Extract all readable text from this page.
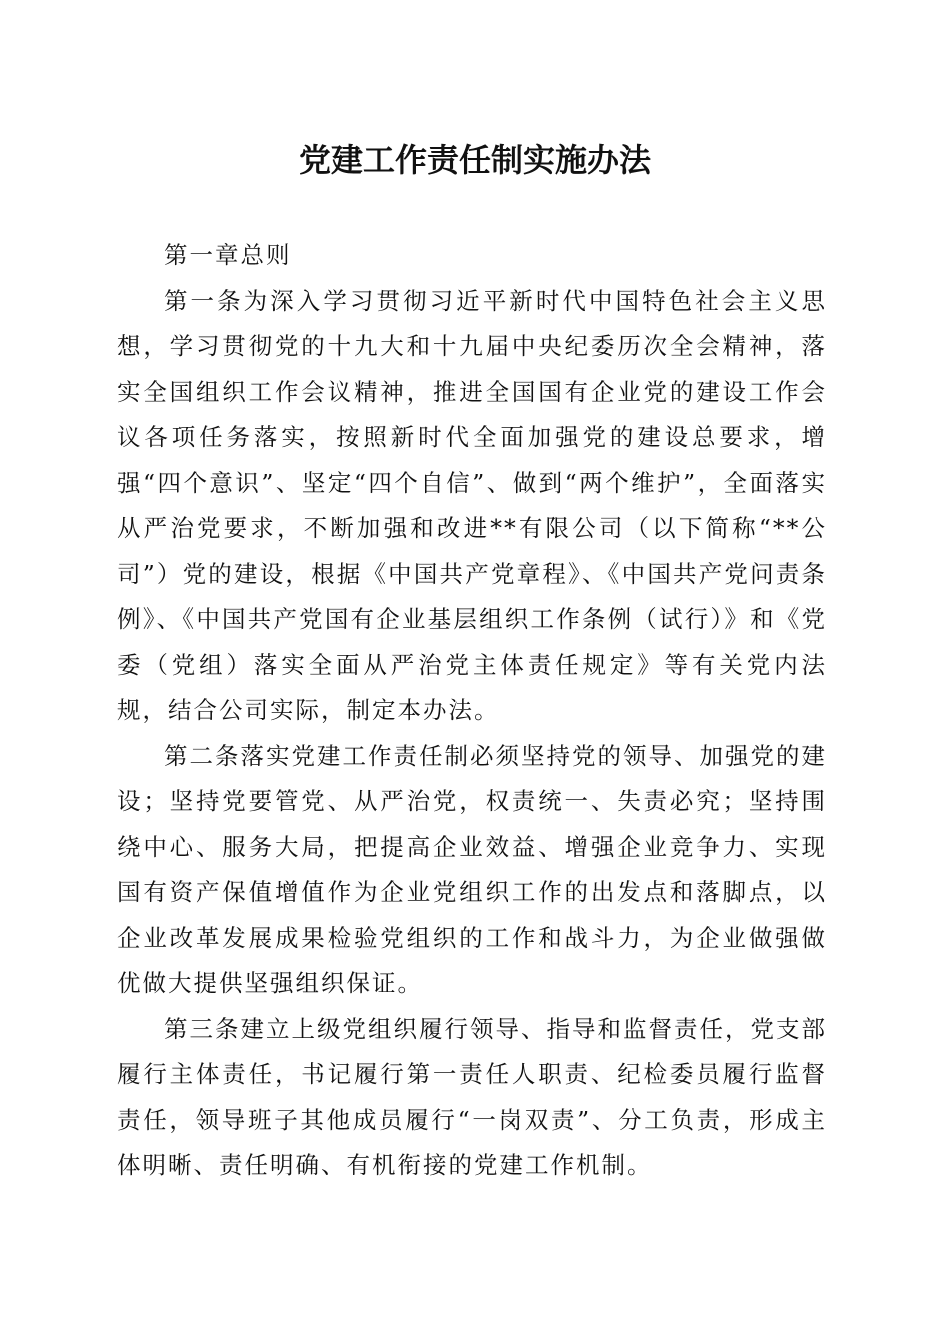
党建工作责任制实施办法

第一章总则

第一条为深入学习贯彻习近平新时代中国特色社会主义思想，学习贯彻党的十九大和十九届中央纪委历次全会精神，落实全国组织工作会议精神，推进全国国有企业党的建设工作会议各项任务落实，按照新时代全面加强党的建设总要求，增强“四个意识”、坚定“四个自信”、做到“两个维护”，全面落实从严治党要求，不断加强和改进**有限公司（以下简称“**公司”）党的建设，根据《中国共产党章程》、《中国共产党问责条例》、《中国共产党国有企业基层组织工作条例（试行）》和《党委（党组）落实全面从严治党主体责任规定》等有关党内法规，结合公司实际，制定本办法。

第二条落实党建工作责任制必须坚持党的领导、加强党的建设；坚持党要管党、从严治党，权责统一、失责必究；坚持围绕中心、服务大局，把提高企业效益、增强企业竞争力、实现国有资产保值增值作为企业党组织工作的出发点和落脚点，以企业改革发展成果检验党组织的工作和战斗力，为企业做强做优做大提供坚强组织保证。

第三条建立上级党组织履行领导、指导和监督责任，党支部履行主体责任，书记履行第一责任人职责、纪检委员履行监督责任，领导班子其他成员履行“一岗双责”、分工负责，形成主体明晰、责任明确、有机衔接的党建工作机制。
